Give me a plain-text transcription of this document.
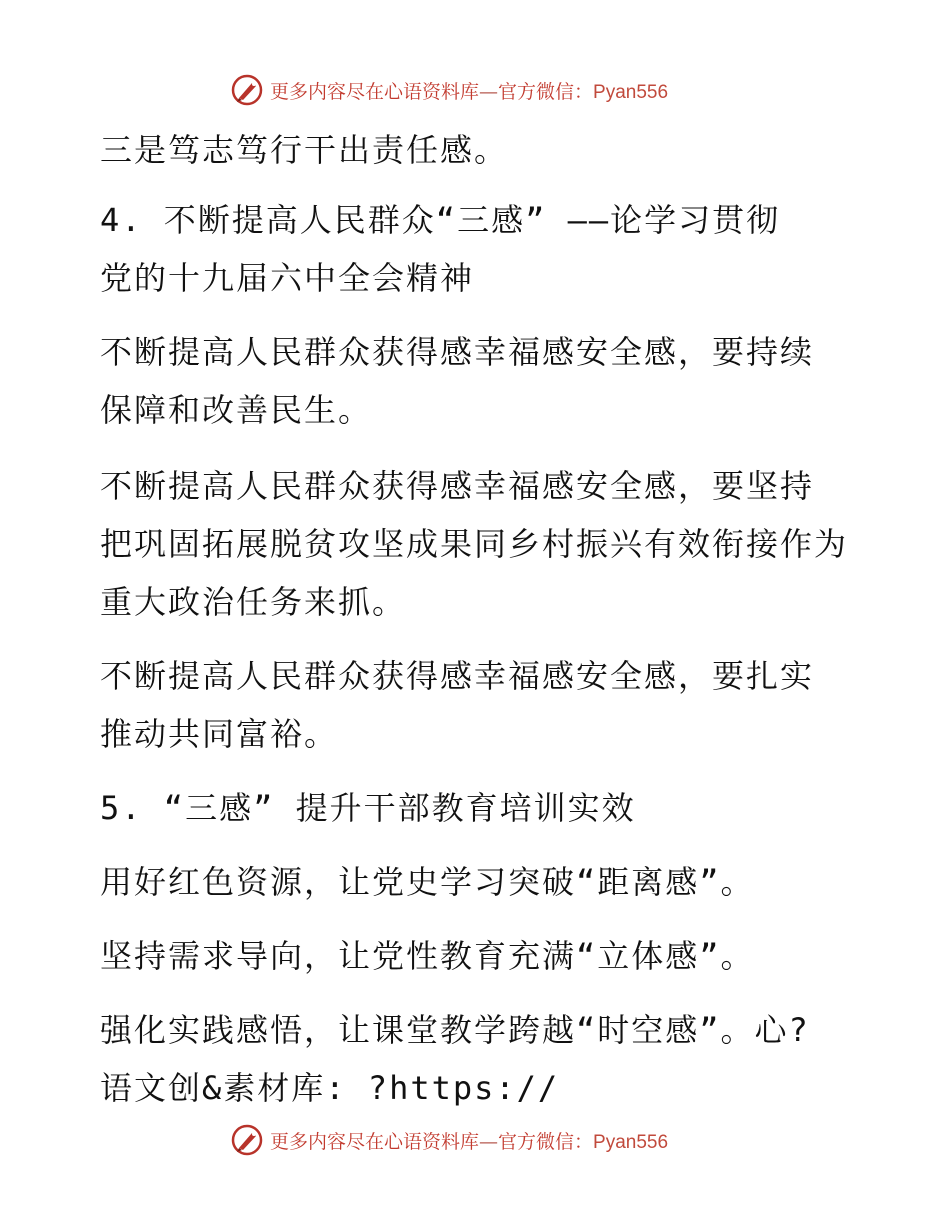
更多内容尽在心语资料库—官方微信：Pyan556
三是笃志笃行干出责任感。
4. 不断提高人民群众“三感” ——论学习贯彻
党的十九届六中全会精神
不断提高人民群众获得感幸福感安全感，要持续
保障和改善民生。
不断提高人民群众获得感幸福感安全感，要坚持
把巩固拓展脱贫攻坚成果同乡村振兴有效衔接作为
重大政治任务来抓。
不断提高人民群众获得感幸福感安全感，要扎实
推动共同富裕。
5. “三感” 提升干部教育培训实效
用好红色资源，让党史学习突破“距离感”。
坚持需求导向，让党性教育充满“立体感”。
强化实践感悟，让课堂教学跨越“时空感”。心?
语文创&素材库: ?https://
更多内容尽在心语资料库—官方微信：Pyan556
